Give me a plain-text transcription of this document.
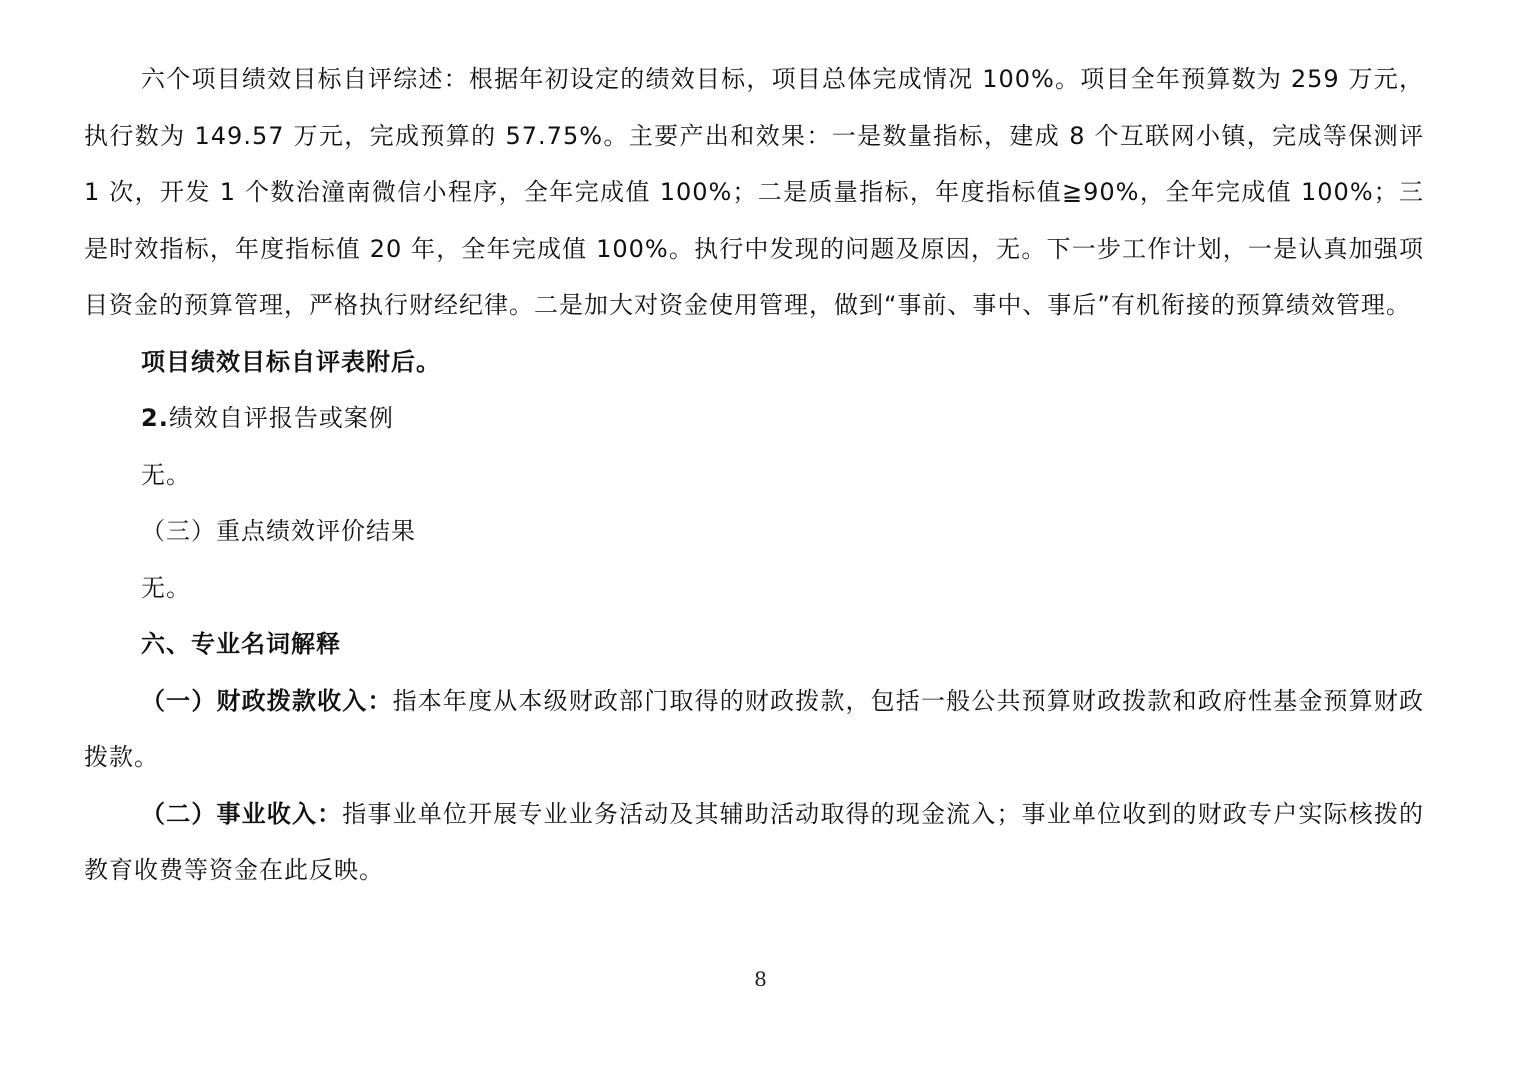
六个项目绩效目标自评综述：根据年初设定的绩效目标，项目总体完成情况 100%。项目全年预算数为 259 万元，执行数为 149.57 万元，完成预算的 57.75%。主要产出和效果：一是数量指标，建成 8 个互联网小镇，完成等保测评 1 次，开发 1 个数治潼南微信小程序，全年完成值 100%；二是质量指标，年度指标值≧90%，全年完成值 100%；三是时效指标，年度指标值 20 年，全年完成值 100%。执行中发现的问题及原因，无。下一步工作计划，一是认真加强项目资金的预算管理，严格执行财经纪律。二是加大对资金使用管理，做到“事前、事中、事后”有机衔接的预算绩效管理。

项目绩效目标自评表附后。

2.绩效自评报告或案例

无。

（三）重点绩效评价结果

无。

六、专业名词解释

（一）财政拨款收入：指本年度从本级财政部门取得的财政拨款，包括一般公共预算财政拨款和政府性基金预算财政拨款。

（二）事业收入：指事业单位开展专业业务活动及其辅助活动取得的现金流入；事业单位收到的财政专户实际核拨的教育收费等资金在此反映。

8
